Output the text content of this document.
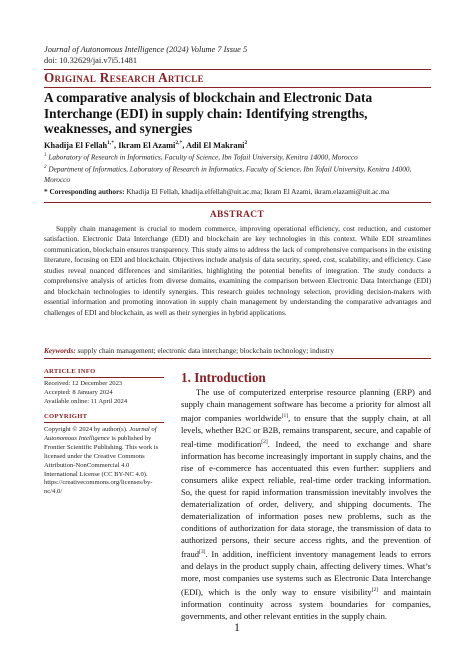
Journal of Autonomous Intelligence (2024) Volume 7 Issue 5
doi: 10.32629/jai.v7i5.1481
Original Research Article
A comparative analysis of blockchain and Electronic Data Interchange (EDI) in supply chain: Identifying strengths, weaknesses, and synergies
Khadija El Fellah$^{1,*}$, Ikram El Azami$^{2,*}$, Adil El Makrani$^2$
$^1$ Laboratory of Research in Informatics, Faculty of Science, Ibn Tofail University, Kenitra 14000, Morocco
$^2$ Department of Informatics, Laboratory of Research in Informatics, Faculty of Science, Ibn Tofail University, Kenitra 14000, Morocco
* Corresponding authors: Khadija El Fellah, khadija.elfellah@uit.ac.ma; Ikram El Azami, ikram.elazami@uit.ac.ma
ABSTRACT
Supply chain management is crucial to modern commerce, improving operational efficiency, cost reduction, and customer satisfaction. Electronic Data Interchange (EDI) and blockchain are key technologies in this context. While EDI streamlines communication, blockchain ensures transparency. This study aims to address the lack of comprehensive comparisons in the existing literature, focusing on EDI and blockchain. Objectives include analysis of data security, speed, cost, scalability, and efficiency. Case studies reveal nuanced differences and similarities, highlighting the potential benefits of integration. The study conducts a comprehensive analysis of articles from diverse domains, examining the comparison between Electronic Data Interchange (EDI) and blockchain technologies to identify synergies. This research guides technology selection, providing decision-makers with essential information and promoting innovation in supply chain management by understanding the comparative advantages and challenges of EDI and blockchain, as well as their synergies in hybrid applications.
Keywords: supply chain management; electronic data interchange; blockchain technology; industry
ARTICLE INFO
Received: 12 December 2023
Accepted: 8 January 2024
Available online: 11 April 2024
COPYRIGHT
Copyright © 2024 by author(s). Journal of Autonomous Intelligence is published by Frontier Scientific Publishing. This work is licensed under the Creative Commons Attribution-NonCommercial 4.0 International License (CC BY-NC 4.0). https://creativecommons.org/licenses/by-nc/4.0/
1. Introduction
The use of computerized enterprise resource planning (ERP) and supply chain management software has become a priority for almost all major companies worldwide[1], to ensure that the supply chain, at all levels, whether B2C or B2B, remains transparent, secure, and capable of real-time modification[2]. Indeed, the need to exchange and share information has become increasingly important in supply chains, and the rise of e-commerce has accentuated this even further: suppliers and consumers alike expect reliable, real-time order tracking information. So, the quest for rapid information transmission inevitably involves the dematerialization of order, delivery, and shipping documents. The dematerialization of information poses new problems, such as the conditions of authorization for data storage, the transmission of data to authorized persons, their secure access rights, and the prevention of fraud[3]. In addition, inefficient inventory management leads to errors and delays in the product supply chain, affecting delivery times. What’s more, most companies use systems such as Electronic Data Interchange (EDI), which is the only way to ensure visibility[2] and maintain information continuity across system boundaries for companies, governments, and other relevant entities in the supply chain.
1
